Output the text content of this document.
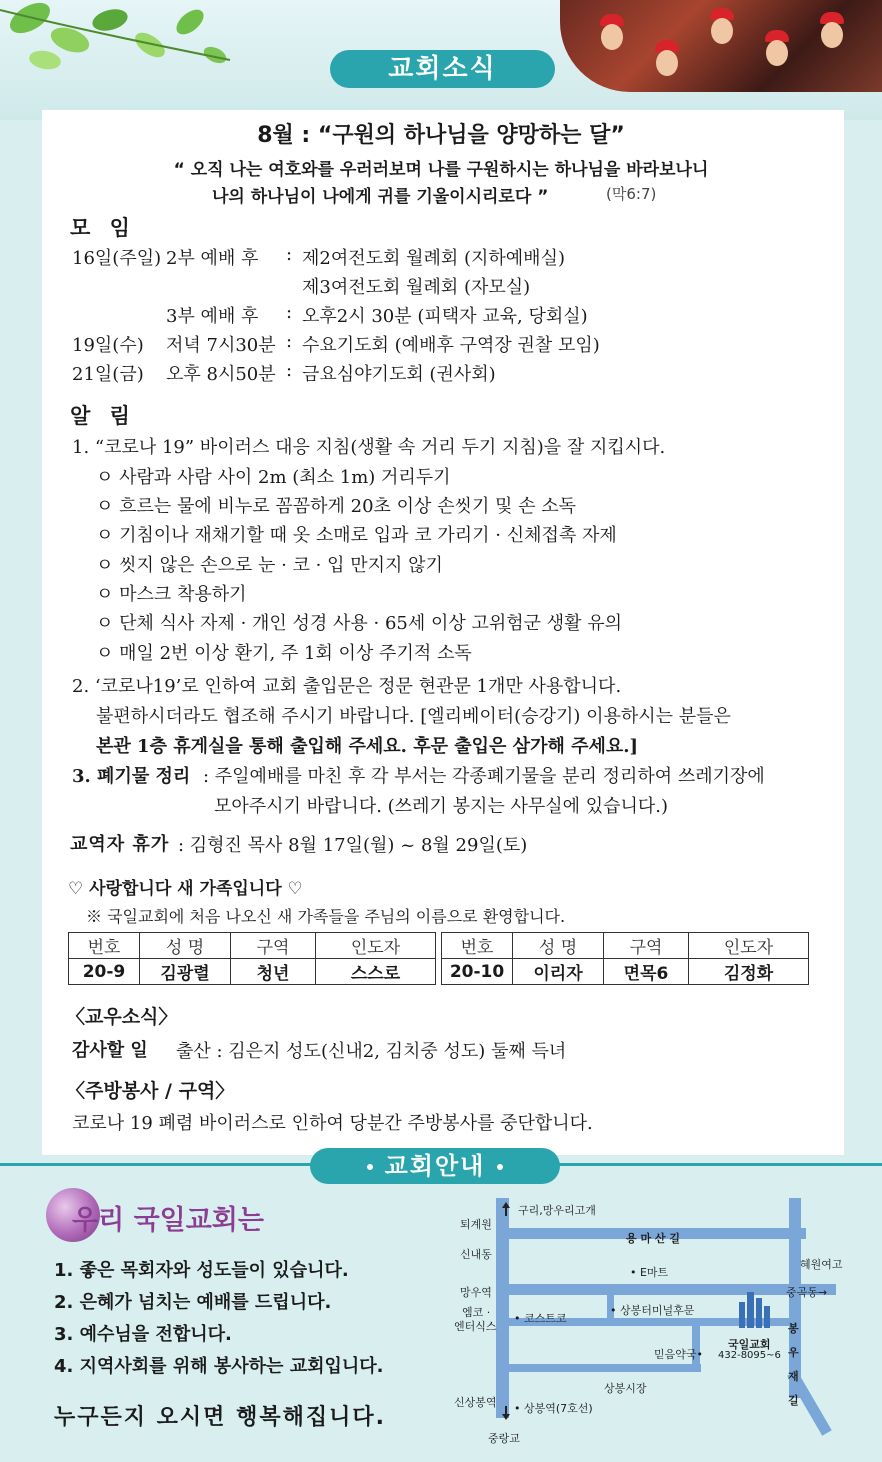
교회소식
8월 : “구원의 하나님을 양망하는 달”
“ 오직 나는 여호와를 우러러보며 나를 구원하시는 하나님을 바라보나니
나의 하나님이 나에게 귀를 기울이시리로다 ”	(막6:7)
모 임
16일(주일) 2부 예배 후 : 제2여전도회 월례회 (지하예배실)
제3여전도회 월례회 (자모실)
3부 예배 후 : 오후2시 30분 (피택자 교육, 당회실)
19일(수) 저녁 7시30분 : 수요기도회 (예배후 구역장 권찰 모임)
21일(금) 오후 8시50분 : 금요심야기도회 (권사회)
알 림
1. “코로나 19” 바이러스 대응 지침(생활 속 거리 두기 지침)을 잘 지킵시다.
ㅇ 사람과 사람 사이 2m (최소 1m) 거리두기
ㅇ 흐르는 물에 비누로 꼼꼼하게 20초 이상 손씻기 및 손 소독
ㅇ 기침이나 재채기할 때 옷 소매로 입과 코 가리기 · 신체접촉 자제
ㅇ 씻지 않은 손으로 눈 · 코 · 입 만지지 않기
ㅇ 마스크 착용하기
ㅇ 단체 식사 자제 · 개인 성경 사용 · 65세 이상 고위험군 생활 유의
ㅇ 매일 2번 이상 환기, 주 1회 이상 주기적 소독
2. ‘코로나19’로 인하여 교회 출입문은 정문 현관문 1개만 사용합니다.
불편하시더라도 협조해 주시기 바랍니다. [엘리베이터(승강기) 이용하시는 분들은
본관 1층 휴게실을 통해 출입해 주세요. 후문 출입은 삼가해 주세요.]
3. 폐기물 정리 : 주일예배를 마친 후 각 부서는 각종폐기물을 분리 정리하여 쓰레기장에
모아주시기 바랍니다. (쓰레기 봉지는 사무실에 있습니다.)
교역자 휴가 : 김형진 목사 8월 17일(월) ~ 8월 29일(토)
♡ 사랑합니다 새 가족입니다 ♡
※ 국일교회에 처음 나오신 새 가족들을 주님의 이름으로 환영합니다.
번호	성 명	구역	인도자
20-9	김광렬	청년	스스로
번호	성 명	구역	인도자
20-10	이리자	면목6	김정화
〈교우소식〉
감사할 일 출산 : 김은지 성도(신내2, 김치중 성도) 둘째 득녀
〈주방봉사 / 구역〉
코로나 19 폐렴 바이러스로 인하여 당분간 주방봉사를 중단합니다.
교회안내
우리 국일교회는
1. 좋은 목회자와 성도들이 있습니다.
2. 은혜가 넘치는 예배를 드립니다.
3. 예수님을 전합니다.
4. 지역사회를 위해 봉사하는 교회입니다.
누구든지 오시면 행복해집니다.
구리,망우리고개
퇴계원
용 마 산 길
신내동
혜원여고
• E마트
망우역	중곡동→
엠코 ·
엔터식스
• 코스트코
• 상봉터미널후문
국일교회
432-8095~6
믿음약국•
봉
우
재
길
상봉시장
신상봉역 • 상봉역(7호선)
중랑교
